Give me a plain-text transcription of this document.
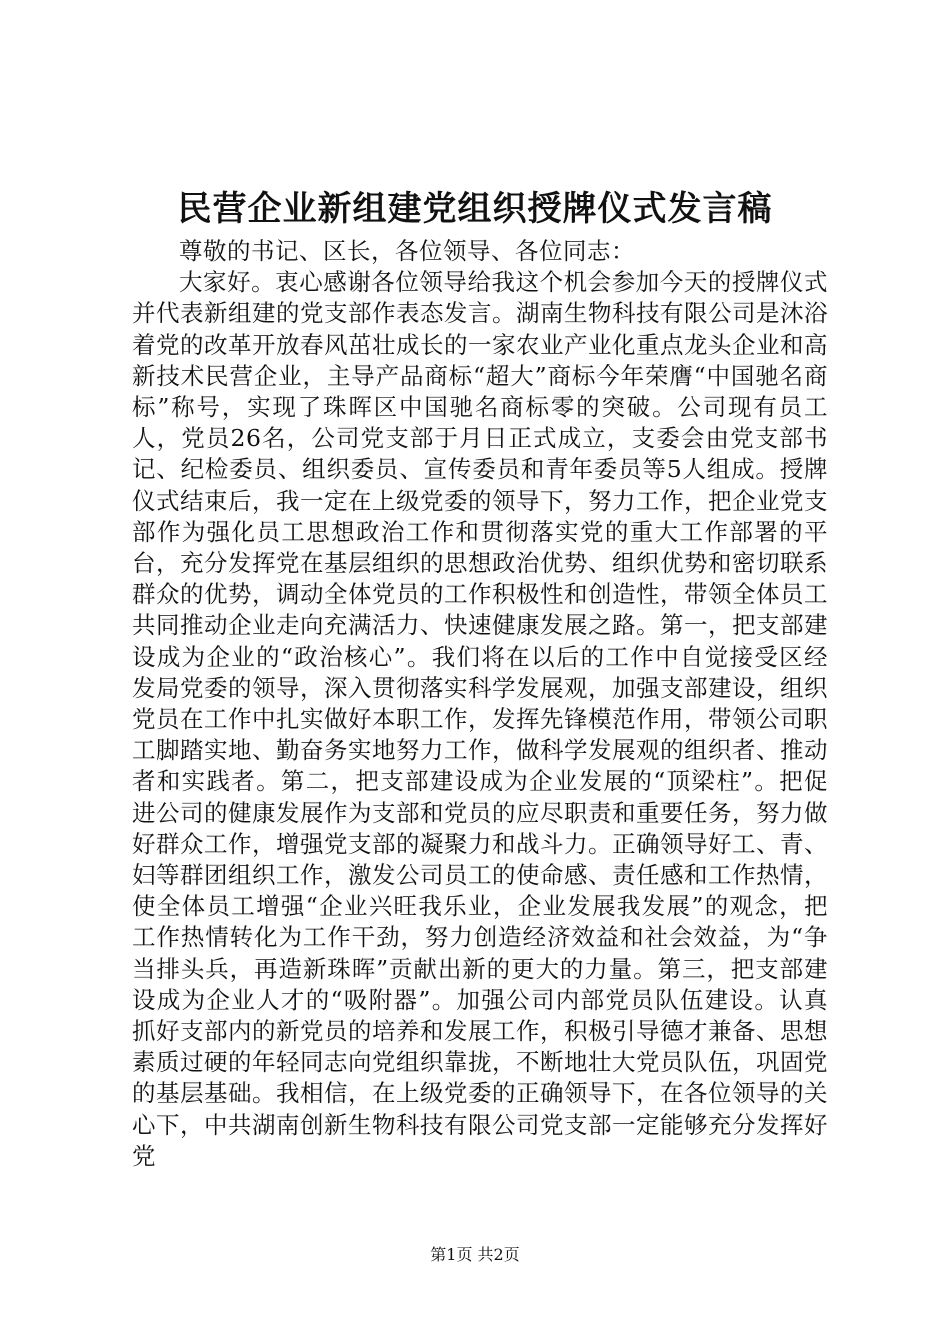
民营企业新组建党组织授牌仪式发言稿

尊敬的书记、区长，各位领导、各位同志：

大家好。衷心感谢各位领导给我这个机会参加今天的授牌仪式并代表新组建的党支部作表态发言。湖南生物科技有限公司是沐浴着党的改革开放春风茁壮成长的一家农业产业化重点龙头企业和高新技术民营企业，主导产品商标“超大”商标今年荣膺“中国驰名商标”称号，实现了珠晖区中国驰名商标零的突破。公司现有员工人，党员26名，公司党支部于月日正式成立，支委会由党支部书记、纪检委员、组织委员、宣传委员和青年委员等5人组成。授牌仪式结束后，我一定在上级党委的领导下，努力工作，把企业党支部作为强化员工思想政治工作和贯彻落实党的重大工作部署的平台，充分发挥党在基层组织的思想政治优势、组织优势和密切联系群众的优势，调动全体党员的工作积极性和创造性，带领全体员工共同推动企业走向充满活力、快速健康发展之路。第一，把支部建设成为企业的“政治核心”。我们将在以后的工作中自觉接受区经发局党委的领导，深入贯彻落实科学发展观，加强支部建设，组织党员在工作中扎实做好本职工作，发挥先锋模范作用，带领公司职工脚踏实地、勤奋务实地努力工作，做科学发展观的组织者、推动者和实践者。第二，把支部建设成为企业发展的“顶梁柱”。把促进公司的健康发展作为支部和党员的应尽职责和重要任务，努力做好群众工作，增强党支部的凝聚力和战斗力。正确领导好工、青、妇等群团组织工作，激发公司员工的使命感、责任感和工作热情，使全体员工增强“企业兴旺我乐业，企业发展我发展”的观念，把工作热情转化为工作干劲，努力创造经济效益和社会效益，为“争当排头兵，再造新珠晖”贡献出新的更大的力量。第三，把支部建设成为企业人才的“吸附器”。加强公司内部党员队伍建设。认真抓好支部内的新党员的培养和发展工作，积极引导德才兼备、思想素质过硬的年轻同志向党组织靠拢，不断地壮大党员队伍，巩固党的基层基础。我相信，在上级党委的正确领导下，在各位领导的关心下，中共湖南创新生物科技有限公司党支部一定能够充分发挥好党

第1页 共2页
